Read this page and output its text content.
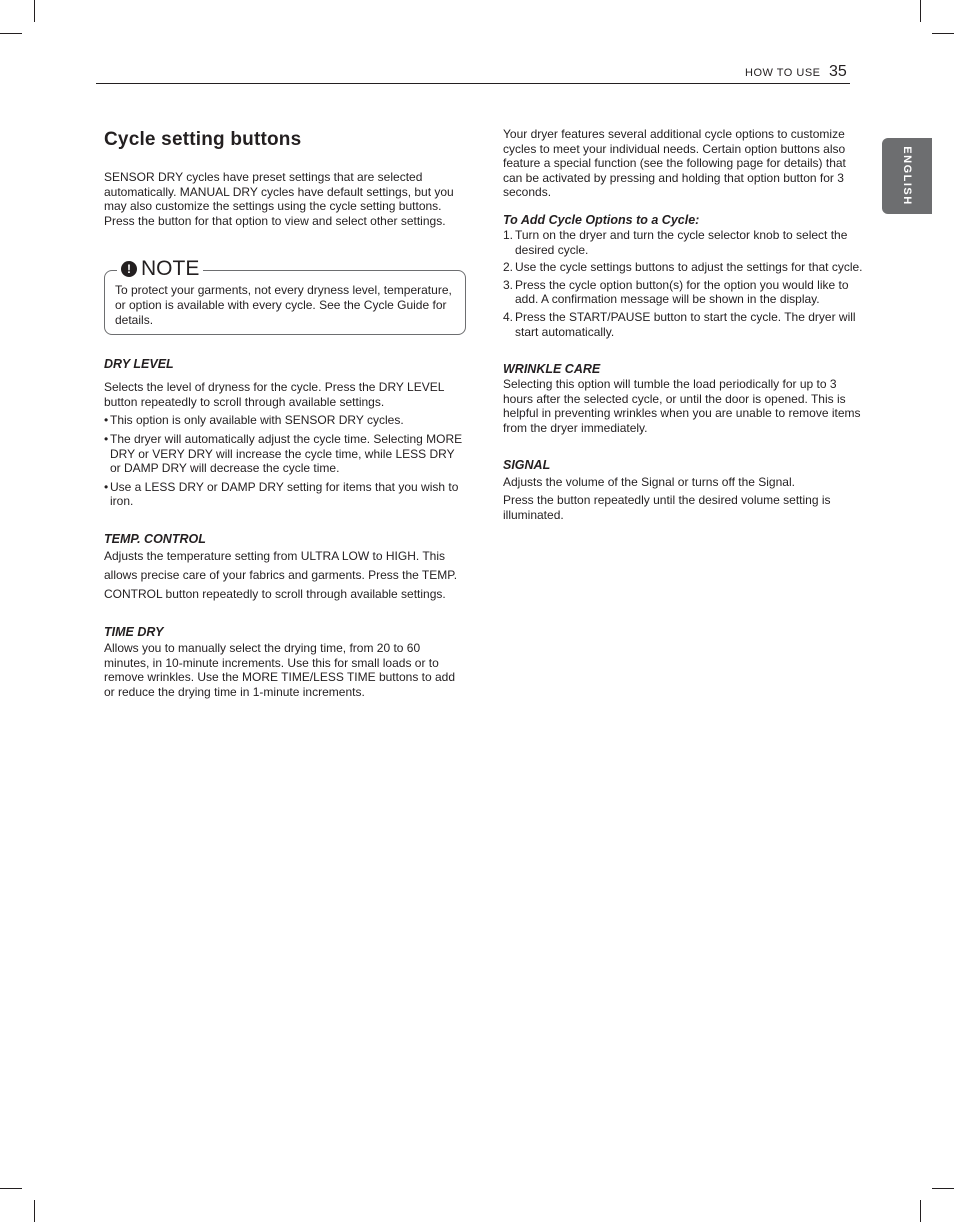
HOW TO USE 35
ENGLISH
Cycle setting buttons

SENSOR DRY cycles have preset settings that are selected automatically. MANUAL DRY cycles have default settings, but you may also customize the settings using the cycle setting buttons. Press the button for that option to view and select other settings.

! NOTE

To protect your garments, not every dryness level, temperature, or option is available with every cycle. See the Cycle Guide for details.

DRY LEVEL

Selects the level of dryness for the cycle. Press the DRY LEVEL button repeatedly to scroll through available settings.

• This option is only available with SENSOR DRY cycles.
• The dryer will automatically adjust the cycle time. Selecting MORE DRY or VERY DRY will increase the cycle time, while LESS DRY or DAMP DRY will decrease the cycle time.
• Use a LESS DRY or DAMP DRY setting for items that you wish to iron.

TEMP. CONTROL

Adjusts the temperature setting from ULTRA LOW to HIGH. This allows precise care of your fabrics and garments. Press the TEMP. CONTROL button repeatedly to scroll through available settings.

TIME DRY

Allows you to manually select the drying time, from 20 to 60 minutes, in 10-minute increments. Use this for small loads or to remove wrinkles. Use the MORE TIME/LESS TIME buttons to add or reduce the drying time in 1-minute increments.

Your dryer features several additional cycle options to customize cycles to meet your individual needs. Certain option buttons also feature a special function (see the following page for details) that can be activated by pressing and holding that option button for 3 seconds.

To Add Cycle Options to a Cycle:

1. Turn on the dryer and turn the cycle selector knob to select the desired cycle.
2. Use the cycle settings buttons to adjust the settings for that cycle.
3. Press the cycle option button(s) for the option you would like to add. A confirmation message will be shown in the display.
4. Press the START/PAUSE button to start the cycle. The dryer will start automatically.

WRINKLE CARE

Selecting this option will tumble the load periodically for up to 3 hours after the selected cycle, or until the door is opened. This is helpful in preventing wrinkles when you are unable to remove items from the dryer immediately.

SIGNAL

Adjusts the volume of the Signal or turns off the Signal.

Press the button repeatedly until the desired volume setting is illuminated.
